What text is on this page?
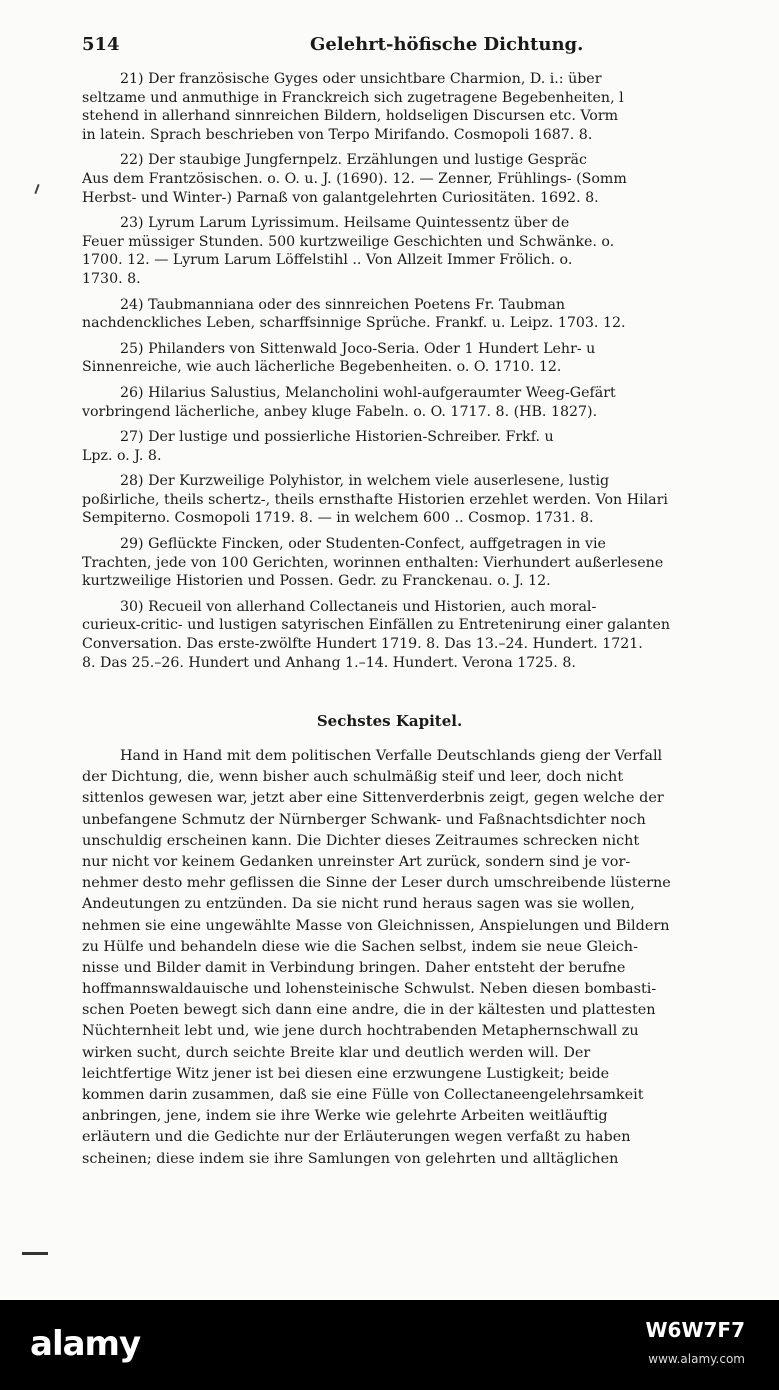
514	Gelehrt-höfische Dichtung.
21) Der französische Gyges oder unsichtbare Charmion, D. i.: über
seltzame und anmuthige in Franckreich sich zugetragene Begebenheiten, l
stehend in allerhand sinnreichen Bildern, holdseligen Discursen etc. Vorm
in latein. Sprach beschrieben von Terpo Mirifando. Cosmopoli 1687. 8.
22) Der staubige Jungfernpelz. Erzählungen und lustige Gespräc
Aus dem Frantzösischen. o. O. u. J. (1690). 12. — Zenner, Frühlings- (Somm
Herbst- und Winter-) Parnaß von galantgelehrten Curiositäten. 1692. 8.
23) Lyrum Larum Lyrissimum. Heilsame Quintessentz über de
Feuer müssiger Stunden. 500 kurtzweilige Geschichten und Schwänke. o.
1700. 12. — Lyrum Larum Löffelstihl .. Von Allzeit Immer Frölich. o.
1730. 8.
24) Taubmanniana oder des sinnreichen Poetens Fr. Taubman
nachdenckliches Leben, scharffsinnige Sprüche. Frankf. u. Leipz. 1703. 12.
25) Philanders von Sittenwald Joco-Seria. Oder 1 Hundert Lehr- u
Sinnenreiche, wie auch lächerliche Begebenheiten. o. O. 1710. 12.
26) Hilarius Salustius, Melancholini wohl-aufgeraumter Weeg-Gefärt
vorbringend lächerliche, anbey kluge Fabeln. o. O. 1717. 8. (HB. 1827).
27) Der lustige und possierliche Historien-Schreiber. Frkf. u
Lpz. o. J. 8.
28) Der Kurzweilige Polyhistor, in welchem viele auserlesene, lustig
poßirliche, theils schertz-, theils ernsthafte Historien erzehlet werden. Von Hilari
Sempiterno. Cosmopoli 1719. 8. — in welchem 600 .. Cosmop. 1731. 8.
29) Geflückte Fincken, oder Studenten-Confect, auffgetragen in vie
Trachten, jede von 100 Gerichten, worinnen enthalten: Vierhundert außerlesene
kurtzweilige Historien und Possen. Gedr. zu Franckenau. o. J. 12.
30) Recueil von allerhand Collectaneis und Historien, auch moral-
curieux-critic- und lustigen satyrischen Einfällen zu Entretenirung einer galanten
Conversation. Das erste-zwölfte Hundert 1719. 8. Das 13.–24. Hundert. 1721.
8. Das 25.–26. Hundert und Anhang 1.–14. Hundert. Verona 1725. 8.
Sechstes Kapitel.
Hand in Hand mit dem politischen Verfalle Deutschlands gieng der Verfall
der Dichtung, die, wenn bisher auch schulmäßig steif und leer, doch nicht
sittenlos gewesen war, jetzt aber eine Sittenverderbnis zeigt, gegen welche der
unbefangene Schmutz der Nürnberger Schwank- und Faßnachtsdichter noch
unschuldig erscheinen kann. Die Dichter dieses Zeitraumes schrecken nicht
nur nicht vor keinem Gedanken unreinster Art zurück, sondern sind je vor-
nehmer desto mehr geflissen die Sinne der Leser durch umschreibende lüsterne
Andeutungen zu entzünden. Da sie nicht rund heraus sagen was sie wollen,
nehmen sie eine ungewählte Masse von Gleichnissen, Anspielungen und Bildern
zu Hülfe und behandeln diese wie die Sachen selbst, indem sie neue Gleich-
nisse und Bilder damit in Verbindung bringen. Daher entsteht der berufne
hoffmannswaldauische und lohensteinische Schwulst. Neben diesen bombasti-
schen Poeten bewegt sich dann eine andre, die in der kältesten und plattesten
Nüchternheit lebt und, wie jene durch hochtrabenden Metaphernschwall zu
wirken sucht, durch seichte Breite klar und deutlich werden will. Der
leichtfertige Witz jener ist bei diesen eine erzwungene Lustigkeit; beide
kommen darin zusammen, daß sie eine Fülle von Collectaneengelehrsamkeit
anbringen, jene, indem sie ihre Werke wie gelehrte Arbeiten weitläuftig
erläutern und die Gedichte nur der Erläuterungen wegen verfaßt zu haben
scheinen; diese indem sie ihre Samlungen von gelehrten und alltäglichen
alamy	W6W7F7
www.alamy.com
